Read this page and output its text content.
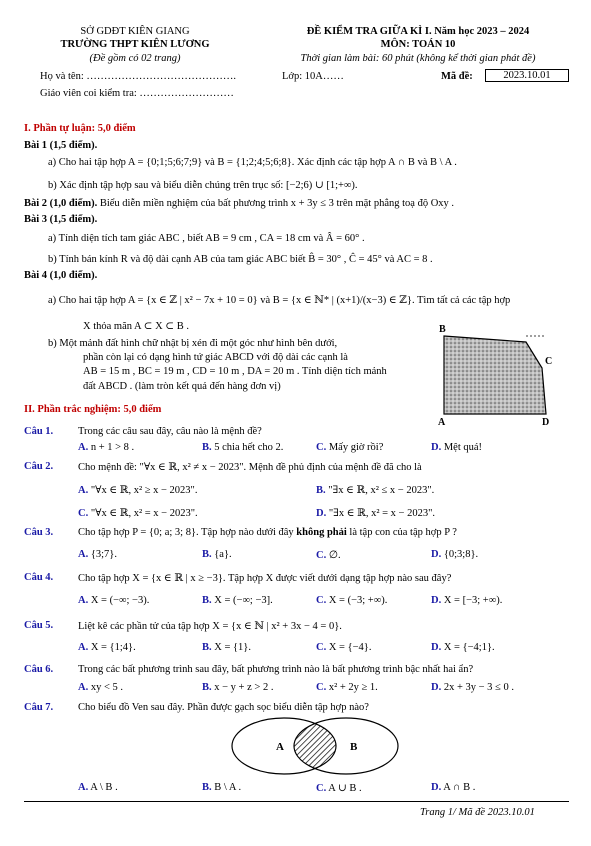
SỞ GDĐT KIÊN GIANG
TRƯỜNG THPT KIÊN LƯƠNG
(Đề gồm có 02 trang)
ĐỀ KIỂM TRA GIỮA KÌ I. Năm học 2023 – 2024
MÔN: TOÁN 10
Thời gian làm bài: 60 phút (không kể thời gian phát đề)
Họ và tên: …………………………………….	Lớp: 10A……	Mã đề:	2023.10.01
Giáo viên coi kiểm tra: ………………………
I. Phần tự luận: 5,0 điểm
Bài 1 (1,5 điểm).
a) Cho hai tập hợp A = {0;1;5;6;7;9} và B = {1;2;4;5;6;8}. Xác định các tập hợp A ∩ B và B \ A .
b) Xác định tập hợp sau và biểu diễn chúng trên trục số: [−2;6) ∪ [1;+∞).
Bài 2 (1,0 điểm). Biểu diễn miền nghiệm của bất phương trình x + 3y ≤ 3 trên mặt phẳng toạ độ Oxy .
Bài 3 (1,5 điểm).
a) Tính diện tích tam giác ABC , biết AB = 9 cm , CA = 18 cm và Â = 60° .
b) Tính bán kính R và độ dài cạnh AB của tam giác ABC biết B̂ = 30° , Ĉ = 45° và AC = 8 .
Bài 4 (1,0 điểm).
a) Cho hai tập hợp A = {x ∈ ℤ | x² − 7x + 10 = 0} và B = {x ∈ ℕ* | (x+1)/(x−3) ∈ ℤ}. Tìm tất cả các tập hợp
X thỏa mãn A ⊂ X ⊂ B .
b) Một mảnh đất hình chữ nhật bị xén đi một góc như hình bên dưới,
phần còn lại có dạng hình tứ giác ABCD với độ dài các cạnh là
AB = 15 m , BC = 19 m , CD = 10 m , DA = 20 m . Tính diện tích mảnh
đất ABCD . (làm tròn kết quả đến hàng đơn vị)
B
C
A	D
II. Phần trắc nghiệm: 5,0 điểm
Câu 1. Trong các câu sau đây, câu nào là mệnh đề?
A. n + 1 > 8 .	B. 5 chia hết cho 2.	C. Mấy giờ rồi?	D. Mệt quá!
Câu 2. Cho mệnh đề: "∀x ∈ ℝ, x² ≠ x − 2023". Mệnh đề phủ định của mệnh đề đã cho là
A. "∀x ∈ ℝ, x² ≥ x − 2023".	B. "∃x ∈ ℝ, x² ≤ x − 2023".
C. "∀x ∈ ℝ, x² = x − 2023".	D. "∃x ∈ ℝ, x² = x − 2023".
Câu 3. Cho tập hợp P = {0; a; 3; 8}. Tập hợp nào dưới đây không phải là tập con của tập hợp P ?
A. {3;7}.	B. {a}.	C. ∅.	D. {0;3;8}.
Câu 4. Cho tập hợp X = {x ∈ ℝ | x ≥ −3}. Tập hợp X được viết dưới dạng tập hợp nào sau đây?
A. X = (−∞; −3).	B. X = (−∞; −3].	C. X = (−3; +∞).	D. X = [−3; +∞).
Câu 5. Liệt kê các phần tử của tập hợp X = {x ∈ ℕ | x² + 3x − 4 = 0}.
A. X = {1;4}.	B. X = {1}.	C. X = {−4}.	D. X = {−4;1}.
Câu 6. Trong các bất phương trình sau đây, bất phương trình nào là bất phương trình bậc nhất hai ẩn?
A. xy < 5 .	B. x − y + z > 2 .	C. x² + 2y ≥ 1.	D. 2x + 3y − 3 ≤ 0 .
Câu 7. Cho biểu đồ Ven sau đây. Phần được gạch sọc biểu diễn tập hợp nào?
A	B
A. A \ B .	B. B \ A .	C. A ∪ B .	D. A ∩ B .
Trang 1/ Mã đề 2023.10.01
